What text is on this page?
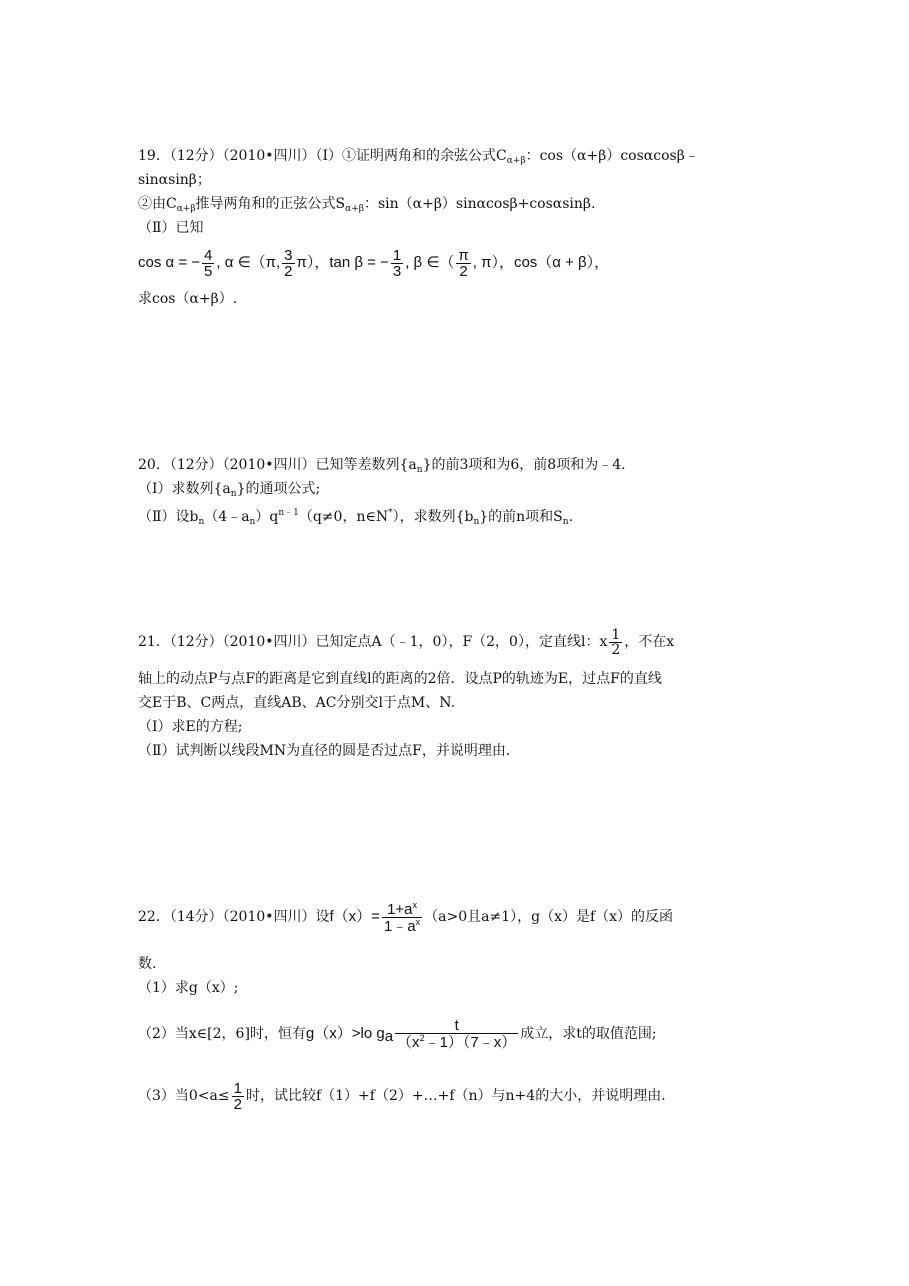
19．（12分）（2010•四川）（Ⅰ）①证明两角和的余弦公式$C_{\alpha+\beta}$：cos（α+β）cosαcosβ﹣
sinαsinβ；
②由$C_{\alpha+\beta}$推导两角和的正弦公式$S_{\alpha+\beta}$：sin（α+β）sinαcosβ+cosαsinβ.
（Ⅱ）已知
cos α = − $\frac{4}{5}$ , α ∈（π, $\frac{3}{2} \pi$），tan β = − $\frac{1}{3}$ , β ∈（ $\frac{\pi}{2}$ , π），cos（α + β），
求cos（α+β）.
20．（12分）（2010•四川）已知等差数列$\{a_n\}$的前3项和为6，前8项和为﹣4.
（Ⅰ）求数列$\{a_n\}$的通项公式;
（Ⅱ）设$b_n(4﹣a_n)q^{n﹣1}(q\ne 0$，n∈N*），求数列$\{b_n\}$的前n项和$S_n$.
21．（12分）（2010•四川）已知定点A（﹣1，0），F（2，0），定直线l：x $\frac{1}{2}$ ，不在x
轴上的动点P与点F的距离是它到直线l的距离的2倍．设点P的轨迹为E，过点F的直线
交E于B、C两点，直线AB、AC分别交l于点M、N.
（Ⅰ）求E的方程;
（Ⅱ）试判断以线段MN为直径的圆是否过点F，并说明理由.
22．（14分）（2010•四川）设$f(x)= \frac{1+a^x}{1﹣a^x} (a>0$且a≠1），g（x）是f（x）的反函
数.
（1）求g（x）;
（2）当x∈[2，6]时，恒有g（x）>lo $g_a \frac{t}{(x^2﹣1)(7﹣x)}$ 成立，求t的取值范围;
（3）当$0<a\le \frac{1}{2}$ 时，试比较f（1）+f（2）+…+f（n）与n+4的大小，并说明理由.
